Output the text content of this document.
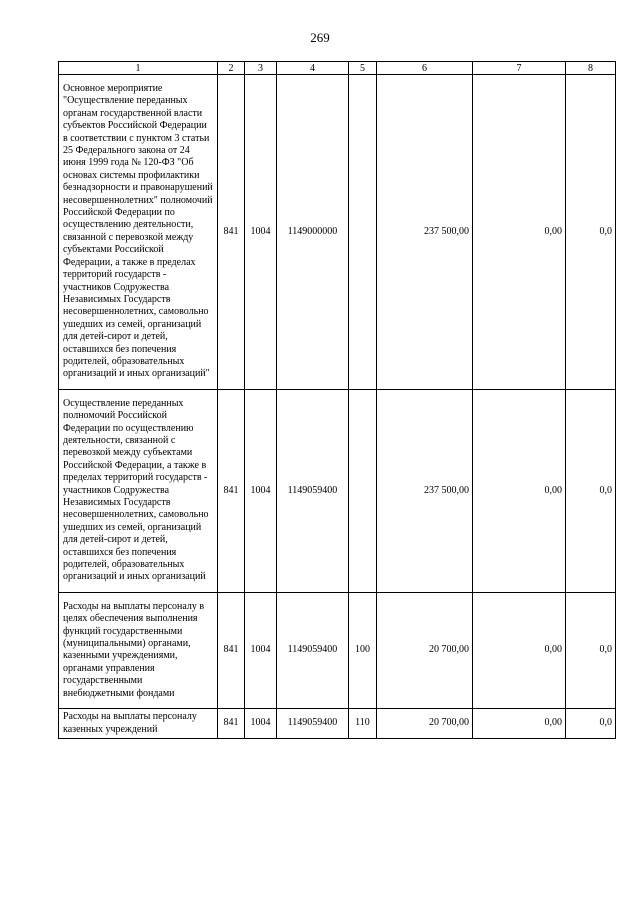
269
1	2	3	4	5	6	7	8
Основное мероприятие "Осуществление переданных органам государственной власти субъектов Российской Федерации в соответствии с пунктом 3 статьи 25 Федерального закона от 24 июня 1999 года № 120-ФЗ "Об основах системы профилактики безнадзорности и правонарушений несовершеннолетних" полномочий Российской Федерации по осуществлению деятельности, связанной с перевозкой между субъектами Российской Федерации, а также в пределах территорий государств - участников Содружества Независимых Государств несовершеннолетних, самовольно ушедших из семей, организаций для детей-сирот и детей, оставшихся без попечения родителей, образовательных организаций и иных организаций"	841	1004	1149000000		237 500,00	0,00	0,0
Осуществление переданных полномочий Российской Федерации по осуществлению деятельности, связанной с перевозкой между субъектами Российской Федерации, а также в пределах территорий государств - участников Содружества Независимых Государств несовершеннолетних, самовольно ушедших из семей, организаций для детей-сирот и детей, оставшихся без попечения родителей, образовательных организаций и иных организаций	841	1004	1149059400		237 500,00	0,00	0,0
Расходы на выплаты персоналу в целях обеспечения выполнения функций государственными (муниципальными) органами, казенными учреждениями, органами управления государственными внебюджетными фондами	841	1004	1149059400	100	20 700,00	0,00	0,0
Расходы на выплаты персоналу казенных учреждений	841	1004	1149059400	110	20 700,00	0,00	0,0
